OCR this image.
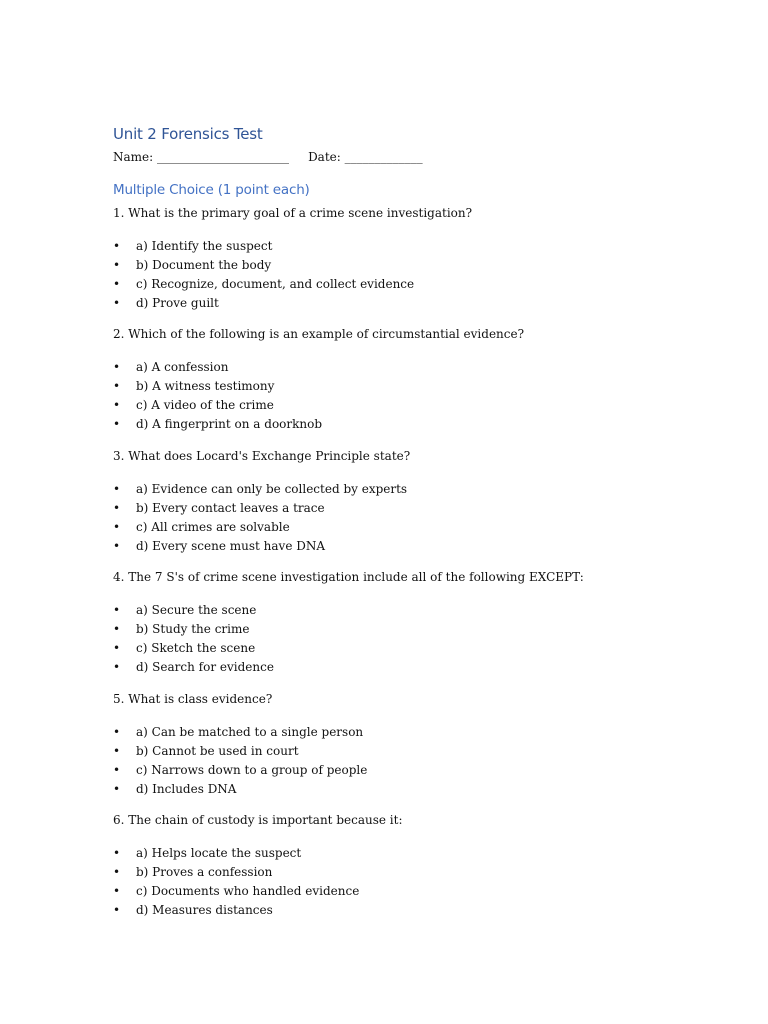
Unit 2 Forensics Test
Name: ______________________     Date: _____________
Multiple Choice (1 point each)

1. What is the primary goal of a crime scene investigation?

•	a) Identify the suspect
•	b) Document the body
•	c) Recognize, document, and collect evidence
•	d) Prove guilt

2. Which of the following is an example of circumstantial evidence?

•	a) A confession
•	b) A witness testimony
•	c) A video of the crime
•	d) A fingerprint on a doorknob

3. What does Locard's Exchange Principle state?

•	a) Evidence can only be collected by experts
•	b) Every contact leaves a trace
•	c) All crimes are solvable
•	d) Every scene must have DNA

4. The 7 S's of crime scene investigation include all of the following EXCEPT:

•	a) Secure the scene
•	b) Study the crime
•	c) Sketch the scene
•	d) Search for evidence

5. What is class evidence?

•	a) Can be matched to a single person
•	b) Cannot be used in court
•	c) Narrows down to a group of people
•	d) Includes DNA

6. The chain of custody is important because it:

•	a) Helps locate the suspect
•	b) Proves a confession
•	c) Documents who handled evidence
•	d) Measures distances
